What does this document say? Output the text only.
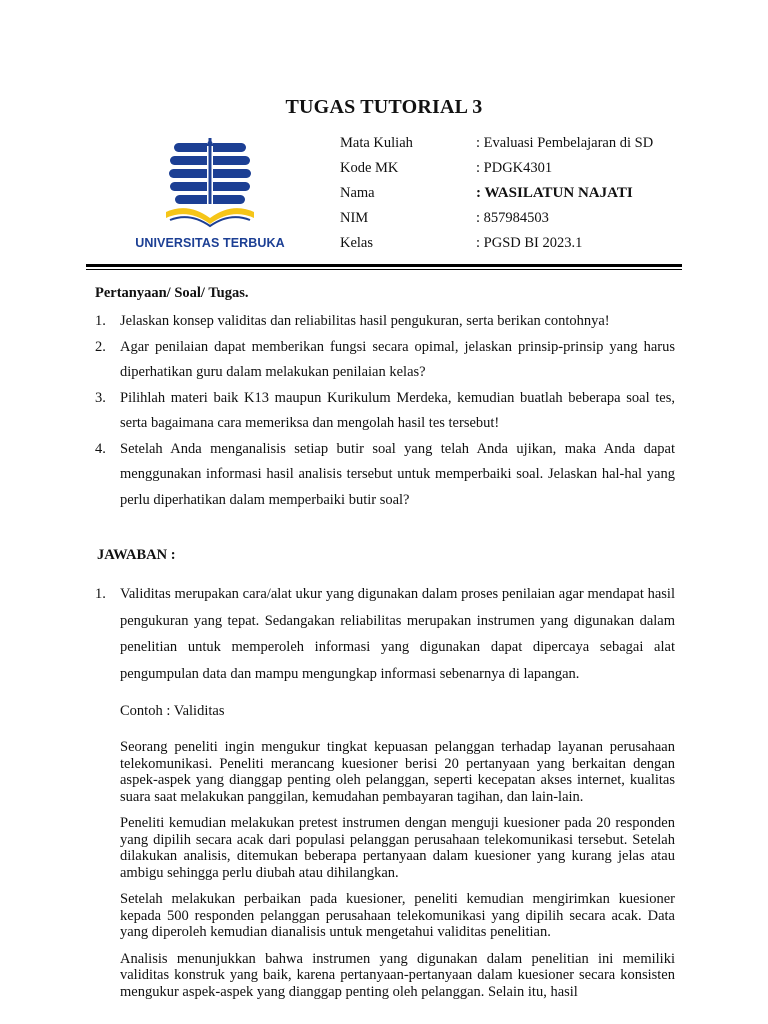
TUGAS TUTORIAL 3
UNIVERSITAS TERBUKA
Mata Kuliah	: Evaluasi Pembelajaran di SD
Kode MK	: PDGK4301
Nama	: WASILATUN NAJATI
NIM	: 857984503
Kelas	: PGSD BI 2023.1
Pertanyaan/ Soal/ Tugas.
1. Jelaskan konsep validitas dan reliabilitas hasil pengukuran, serta berikan contohnya!
2. Agar penilaian dapat memberikan fungsi secara opimal, jelaskan prinsip-prinsip yang harus diperhatikan guru dalam melakukan penilaian kelas?
3. Pilihlah materi baik K13 maupun Kurikulum Merdeka, kemudian buatlah beberapa soal tes, serta bagaimana cara memeriksa dan mengolah hasil tes tersebut!
4. Setelah Anda menganalisis setiap butir soal yang telah Anda ujikan, maka Anda dapat menggunakan informasi hasil analisis tersebut untuk memperbaiki soal. Jelaskan hal-hal yang perlu diperhatikan dalam memperbaiki butir soal?
JAWABAN :
1. Validitas merupakan cara/alat ukur yang digunakan dalam proses penilaian agar mendapat hasil pengukuran yang tepat. Sedangakan reliabilitas merupakan instrumen yang digunakan dalam penelitian untuk memperoleh informasi yang digunakan dapat dipercaya sebagai alat pengumpulan data dan mampu mengungkap informasi sebenarnya di lapangan.
Contoh : Validitas
Seorang peneliti ingin mengukur tingkat kepuasan pelanggan terhadap layanan perusahaan telekomunikasi. Peneliti merancang kuesioner berisi 20 pertanyaan yang berkaitan dengan aspek-aspek yang dianggap penting oleh pelanggan, seperti kecepatan akses internet, kualitas suara saat melakukan panggilan, kemudahan pembayaran tagihan, dan lain-lain.
Peneliti kemudian melakukan pretest instrumen dengan menguji kuesioner pada 20 responden yang dipilih secara acak dari populasi pelanggan perusahaan telekomunikasi tersebut. Setelah dilakukan analisis, ditemukan beberapa pertanyaan dalam kuesioner yang kurang jelas atau ambigu sehingga perlu diubah atau dihilangkan.
Setelah melakukan perbaikan pada kuesioner, peneliti kemudian mengirimkan kuesioner kepada 500 responden pelanggan perusahaan telekomunikasi yang dipilih secara acak. Data yang diperoleh kemudian dianalisis untuk mengetahui validitas penelitian.
Analisis menunjukkan bahwa instrumen yang digunakan dalam penelitian ini memiliki validitas konstruk yang baik, karena pertanyaan-pertanyaan dalam kuesioner secara konsisten mengukur aspek-aspek yang dianggap penting oleh pelanggan. Selain itu, hasil
